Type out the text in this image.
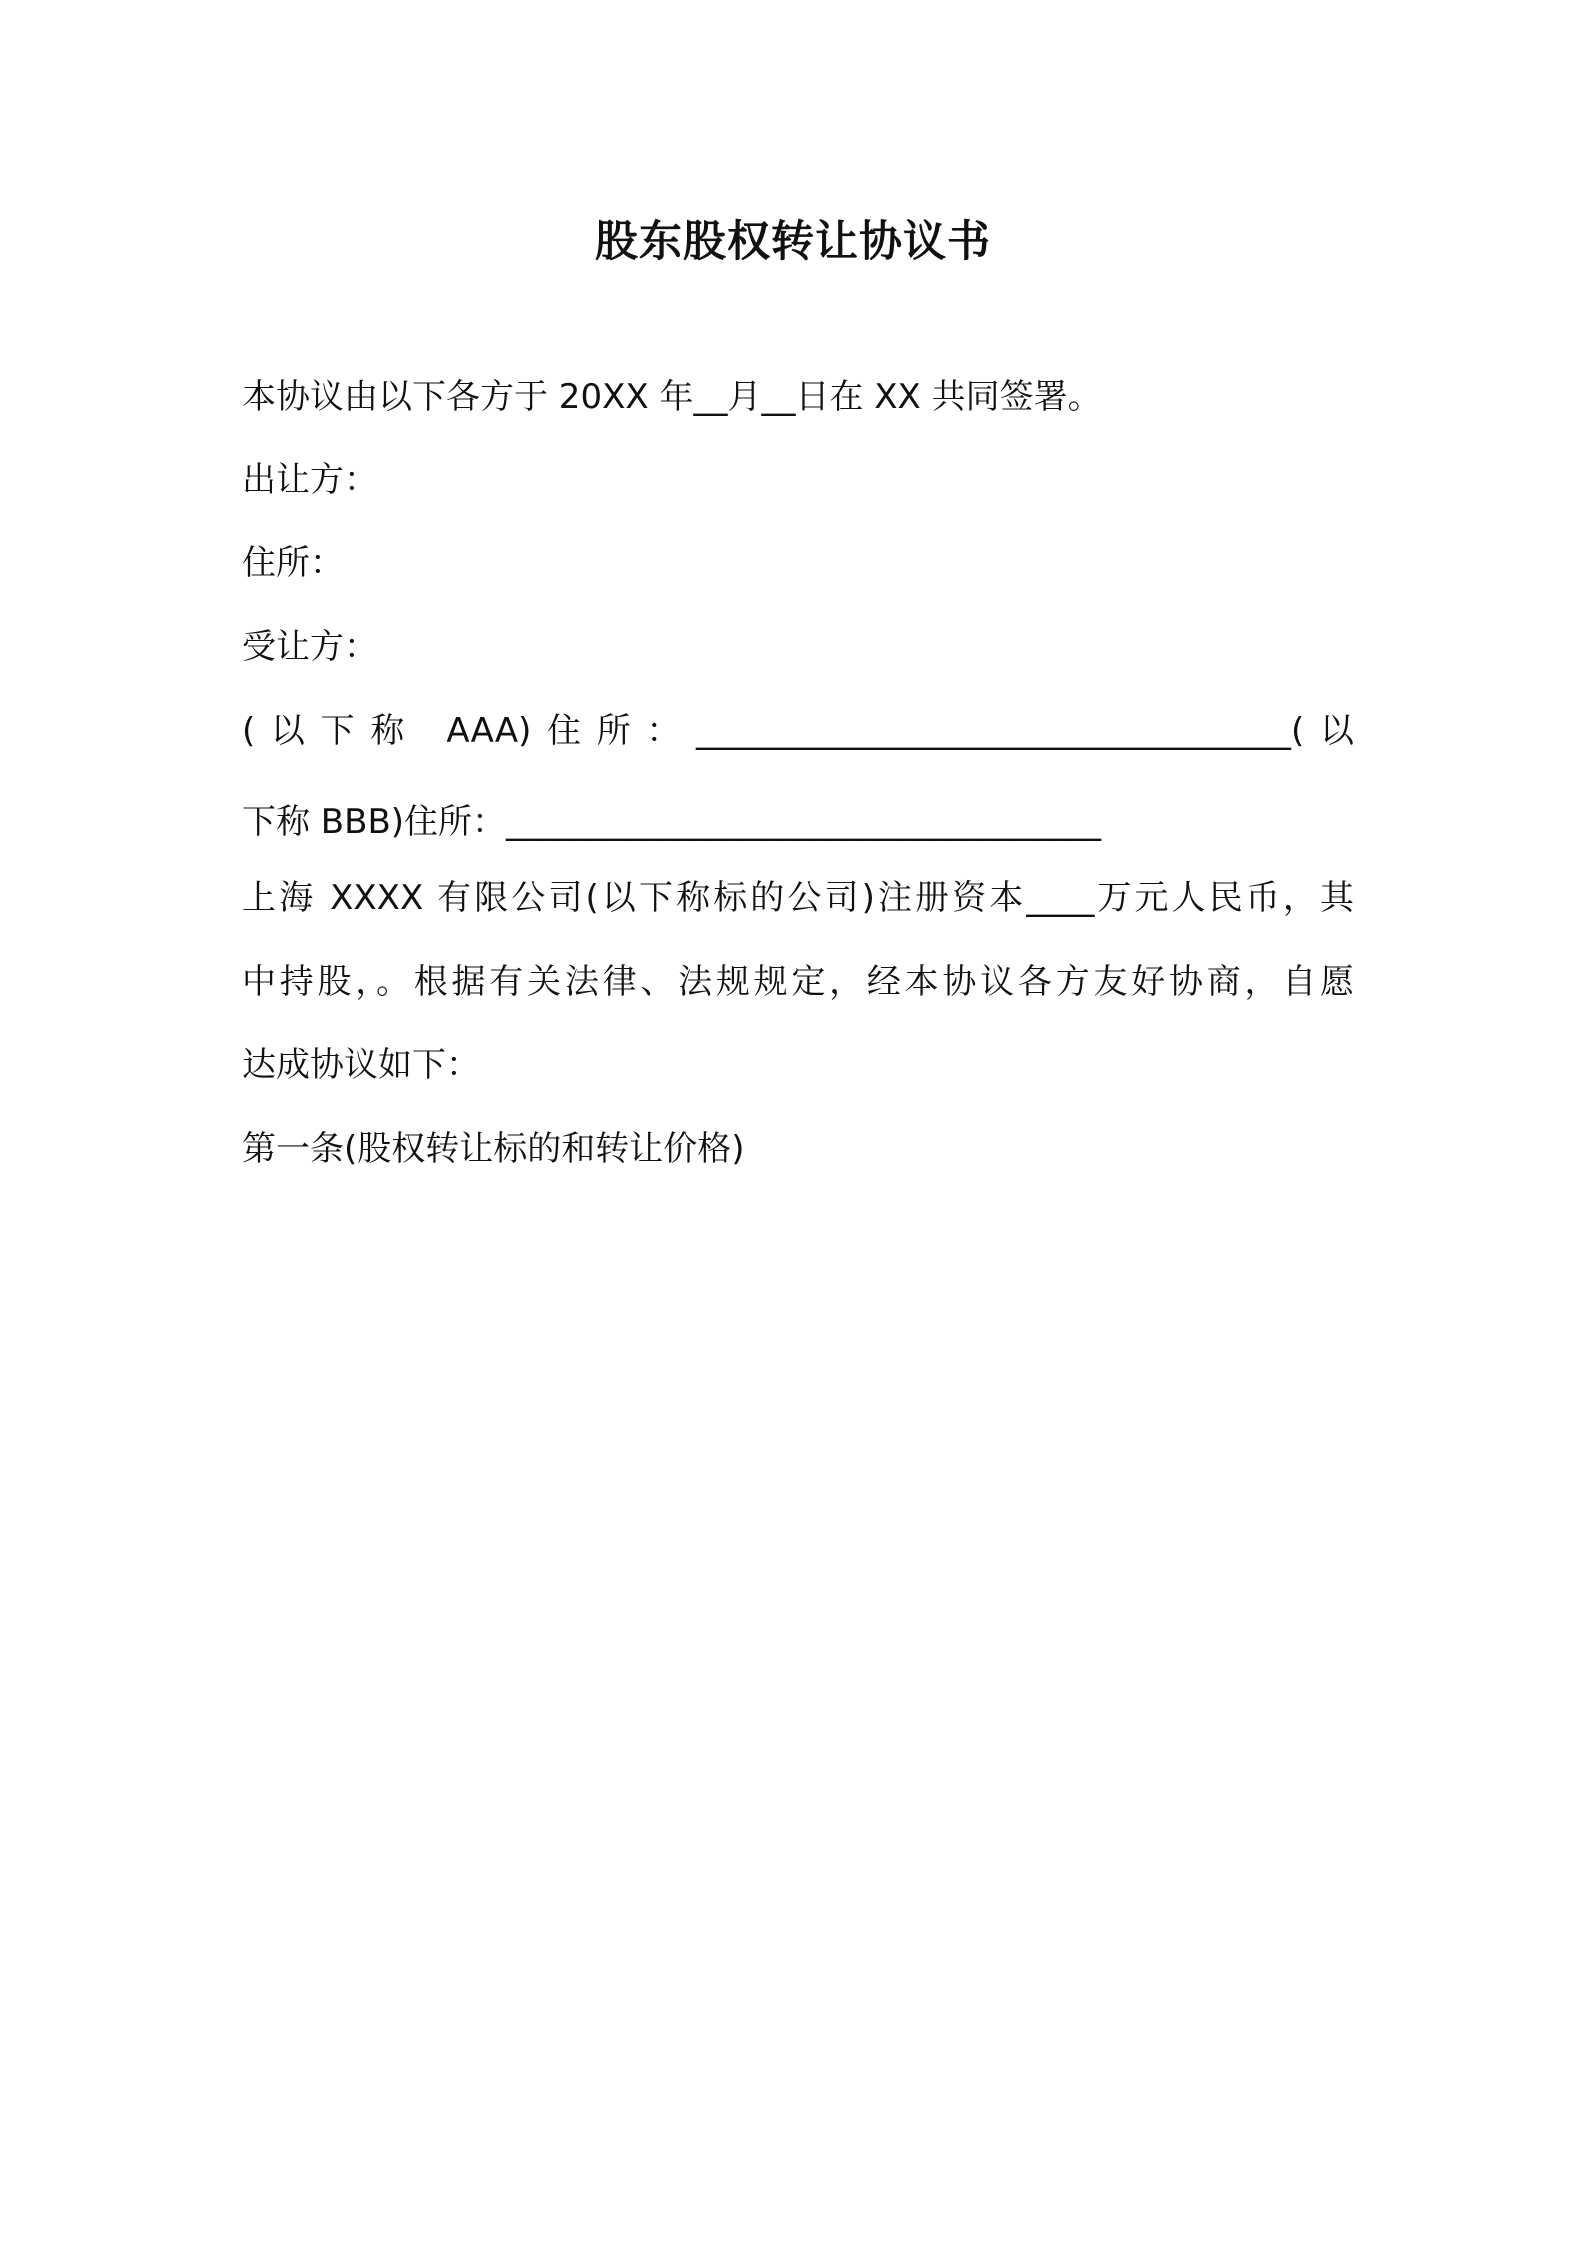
股东股权转让协议书
本协议由以下各方于 20XX 年__月__日在 XX 共同签署。
出让方：
住所：
受让方：
(以下称 AAA)住所：___________________________________(以
下称 BBB)住所：___________________________________
上海 XXXX 有限公司(以下称标的公司)注册资本____万元人民币，其
中持股，。根据有关法律、法规规定，经本协议各方友好协商，自愿
达成协议如下：
第一条(股权转让标的和转让价格)
